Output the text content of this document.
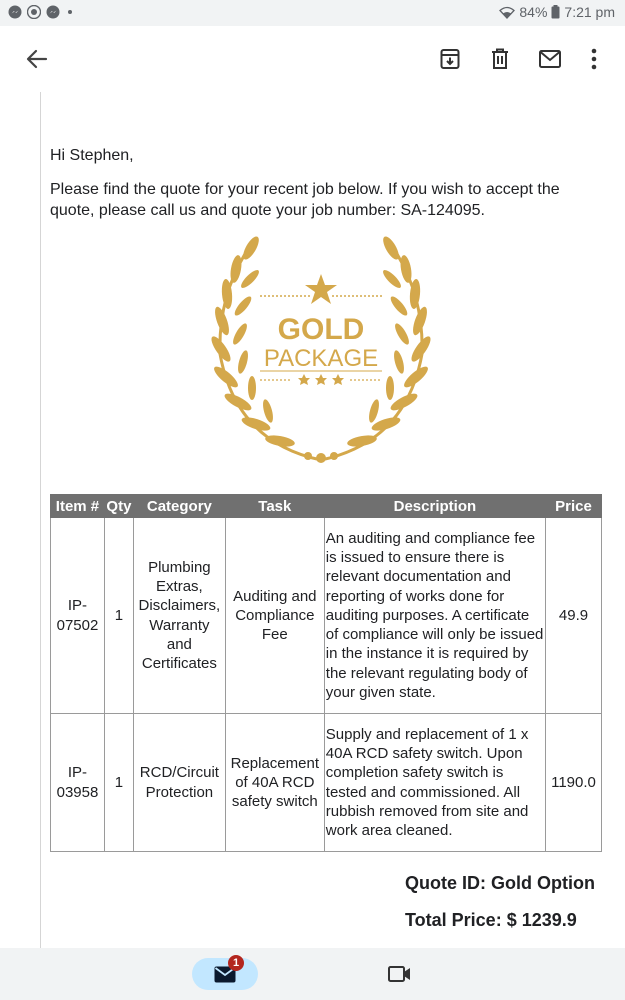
84% 7:21 pm
Hi Stephen,
Please find the quote for your recent job below. If you wish to accept the quote, please call us and quote your job number: SA-124095.
GOLD
PACKAGE
Item #	Qty	Category	Task	Description	Price
IP-07502	1	Plumbing Extras, Disclaimers, Warranty and Certificates	Auditing and Compliance Fee	An auditing and compliance fee is issued to ensure there is relevant documentation and reporting of works done for auditing purposes. A certificate of compliance will only be issued in the instance it is required by the relevant regulating body of your given state.	49.9
IP-03958	1	RCD/Circuit Protection	Replacement of 40A RCD safety switch	Supply and replacement of 1 x 40A RCD safety switch. Upon completion safety switch is tested and commissioned. All rubbish removed from site and work area cleaned.	1190.0
Quote ID: Gold Option
Total Price: $ 1239.9
1
